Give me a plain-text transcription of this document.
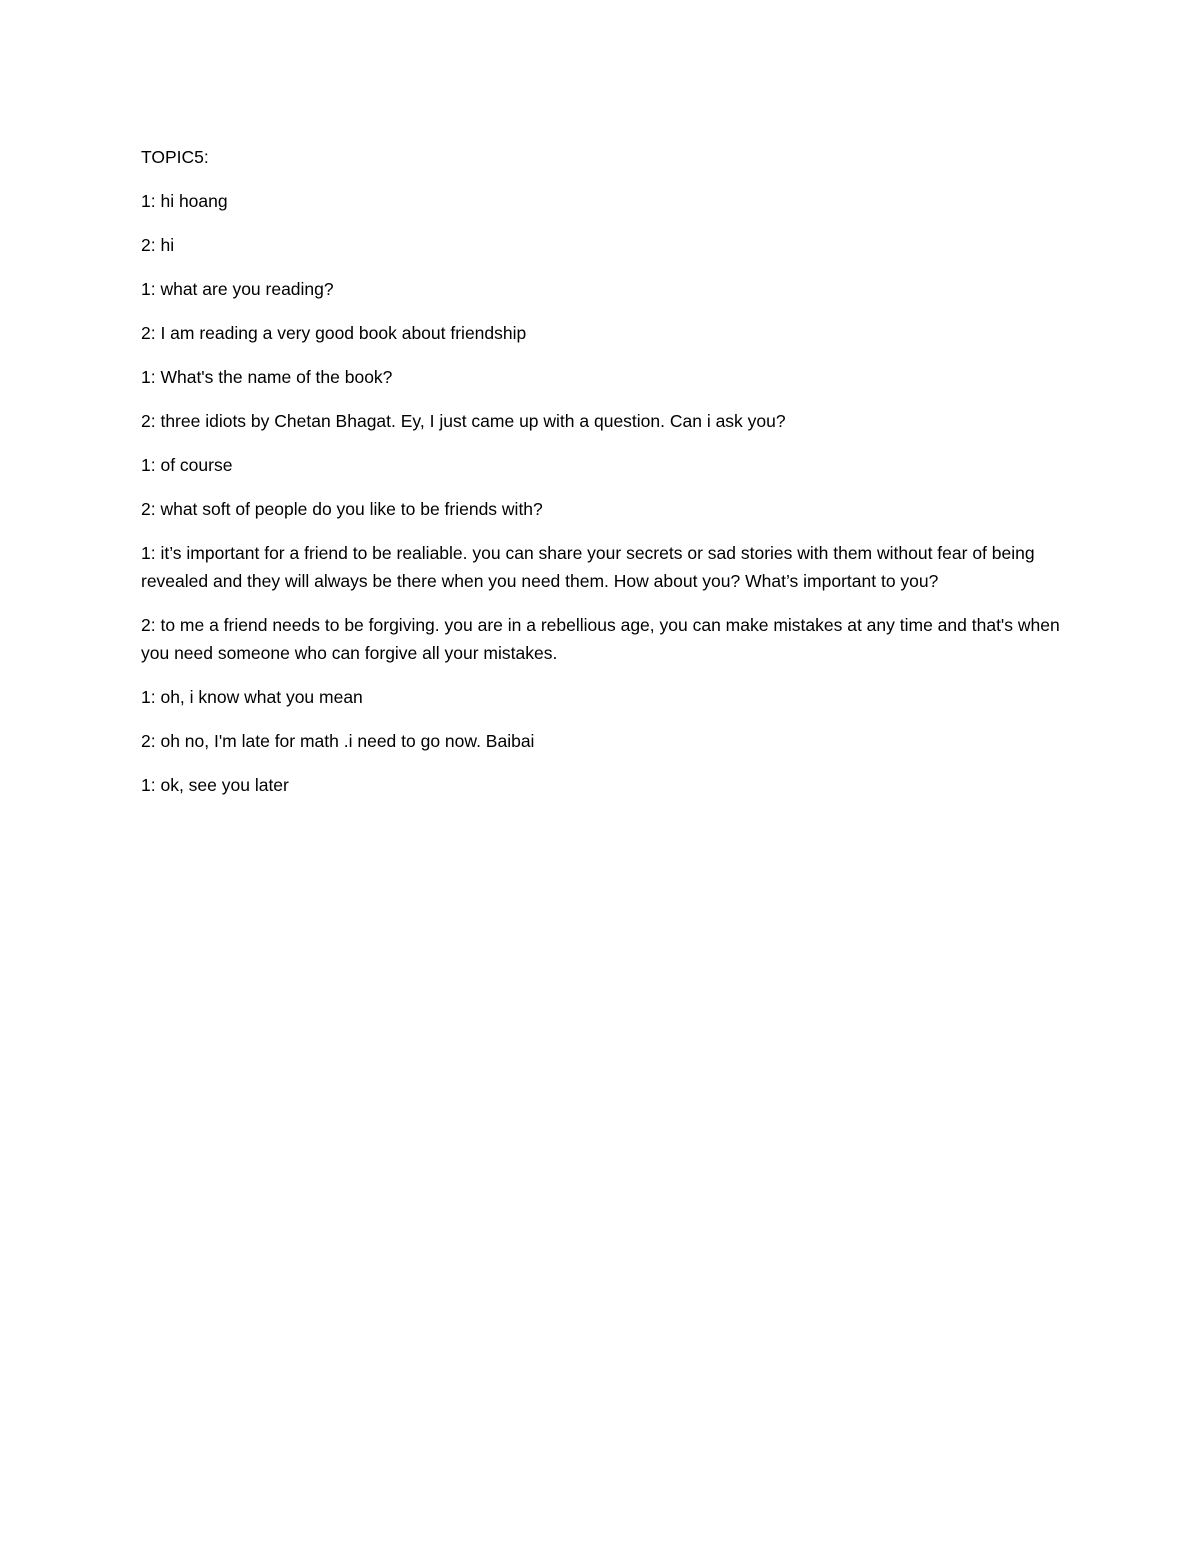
TOPIC5:

1: hi hoang

2: hi

1: what are you reading?

2: I am reading a very good book about friendship

1: What's the name of the book?

2: three idiots by Chetan Bhagat. Ey, I just came up with a question. Can i ask you?

1: of course

2: what soft of people do you like to be friends with?

1: it’s important for a friend to be realiable. you can share your secrets or sad stories with them without fear of being revealed and they will always be there when you need them. How about you? What’s important to you?

2: to me a friend needs to be forgiving. you are in a rebellious age, you can make mistakes at any time and that's when you need someone who can forgive all your mistakes.

1: oh, i know what you mean

2: oh no, I'm late for math .i need to go now. Baibai

1: ok, see you later
